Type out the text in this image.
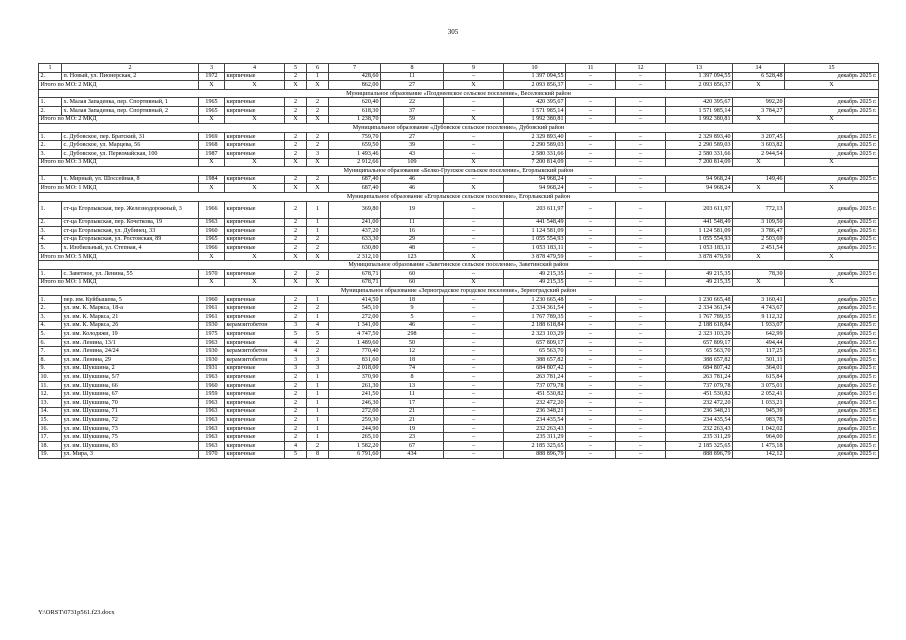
305
1	2	3	4	5	6	7	8	9	10	11	12	13	14	15
2.	п. Новый, ул. Пионерская, 2	1972	кирпичные	2	1	428,60	11	–	1 397 094,55	–	–	1 397 094,55	6 528,48	декабрь 2025 г.
Итого по МО: 2 МКД		X	X	X	X	862,00	27	X	2 093 856,37	–	–	2 093 856,37	X	X
Муниципальное образование «Позднеевское сельское поселение», Веселовский район														
1.	х. Малая Западенка, пер. Спортивный, 1	1965	кирпичные	2	2	620,40	22	–	420 395,67	–	–	420 395,67	992,20	декабрь 2025 г.
2.	х. Малая Западенка, пер. Спортивный, 2	1965	кирпичные	2	2	618,30	37	–	1 571 985,14	–	–	1 571 985,14	3 784,27	декабрь 2025 г.
Итого по МО: 2 МКД		X	X	X	X	1 238,70	59	X	1 992 380,81	–	–	1 992 380,81	X	X
Муниципальное образование «Дубовское сельское поселение», Дубовский район														
1.	с. Дубовское, пер. Братский, 31	1969	кирпичные	2	2	759,70	27	–	2 329 893,40	–	–	2 329 893,40	3 207,45	декабрь 2025 г.
2.	с. Дубовское, ул. Марцева, 56	1968	кирпичные	2	2	659,50	39	–	2 290 589,03	–	–	2 290 589,03	3 603,82	декабрь 2025 г.
3.	с. Дубовское, ул. Первомайская, 100	1987	кирпичные	2	3	1 493,46	43	–	2 580 331,66	–	–	2 580 331,66	2 944,54	декабрь 2025 г.
Итого по МО: 3 МКД		X	X	X	X	2 912,66	109	X	7 200 814,09	–	–	7 200 814,09	X	X
Муниципальное образование «Белко-Грузское сельское поселение», Егорлыкский район														
1.	х. Мирный, ул. Шоссейная, 8	1984	кирпичные	2	2	687,40	46	–	94 968,24	–	–	94 968,24	149,46	декабрь 2025 г.
Итого по МО: 1 МКД		X	X	X	X	687,40	46	X	94 968,24	–	–	94 968,24	X	X
Муниципальное образование «Егорлыкское сельское поселение», Егорлыкский район														
1.	ст-ца Егорлыкская, пер. Железнодорожный, 3	1966	кирпичные	2	1	369,80	19	–	203 611,97	–	–	203 611,97	772,13	декабрь 2025 г.
2.	ст-ца Егорлыкская, пер. Кочеткова, 19	1963	кирпичные	2	1	241,00	11	–	441 548,49	–	–	441 548,49	3 109,50	декабрь 2025 г.
3.	ст-ца Егорлыкская, ул. Дубинец, 33	1960	кирпичные	2	1	437,20	16	–	1 124 581,09	–	–	1 124 581,09	3 786,47	декабрь 2025 г.
4.	ст-ца Егорлыкская, ул. Ростовская, 89	1965	кирпичные	2	2	633,30	29	–	1 055 554,93	–	–	1 055 554,93	2 503,69	декабрь 2025 г.
5.	х. Изобильный, ул. Степная, 4	1966	кирпичные	2	2	630,80	48	–	1 053 183,11	–	–	1 053 183,11	2 451,54	декабрь 2025 г.
Итого по МО: 5 МКД		X	X	X	X	2 312,10	123	X	3 878 479,59	–	–	3 878 479,59	X	X
Муниципальное образование «Заветинское сельское поселение», Заветинский район														
1.	с. Заветное, ул. Ленина, 55	1970	кирпичные	2	2	678,71	60	–	49 215,35	–	–	49 215,35	78,30	декабрь 2025 г.
Итого по МО: 1 МКД		X	X	X	X	678,71	60	X	49 215,35	–	–	49 215,35	X	X
Муниципальное образование «Зерноградское городское поселение», Зерноградский район														
1.	пер. им. Куйбышева, 5	1960	кирпичные	2	1	414,50	18	–	1 230 665,48	–	–	1 230 665,48	3 160,41	декабрь 2025 г.
2.	ул. им. К. Маркса, 18-а	1961	кирпичные	2	2	545,10	9	–	2 334 361,54	–	–	2 334 361,54	4 743,67	декабрь 2025 г.
3.	ул. им. К. Маркса, 21	1961	кирпичные	2	1	272,00	5	–	1 767 789,35	–	–	1 767 789,35	9 112,32	декабрь 2025 г.
4.	ул. им. К. Маркса, 26	1930	керамзитобетон	3	4	1 341,00	46	–	2 188 618,84	–	–	2 188 618,84	1 933,07	декабрь 2025 г.
5.	ул. им. Колодяжн, 19	1975	кирпичные	5	5	4 747,50	298	–	2 323 103,29	–	–	2 323 103,29	642,99	декабрь 2025 г.
6.	ул. им. Ленина, 13/1	1963	кирпичные	4	2	1 489,60	50	–	657 809,17	–	–	657 809,17	494,44	декабрь 2025 г.
7.	ул. им. Ленина, 24/24	1930	керамзитобетон	4	2	770,40	12	–	65 563,70	–	–	65 563,70	117,25	декабрь 2025 г.
8.	ул. им. Ленина, 29	1930	керамзитобетон	3	3	831,60	18	–	388 657,82	–	–	388 657,82	501,11	декабрь 2025 г.
9.	ул. им. Шукшина, 2	1931	кирпичные	3	3	2 018,00	74	–	684 807,42	–	–	684 807,42	364,01	декабрь 2025 г.
10.	ул. им. Шукшина, 5/7	1963	кирпичные	2	1	370,90	8	–	263 781,24	–	–	263 781,24	615,84	декабрь 2025 г.
11.	ул. им. Шукшина, 66	1960	кирпичные	2	1	261,30	13	–	737 079,78	–	–	737 079,78	3 075,01	декабрь 2025 г.
12.	ул. им. Шукшина, 67	1959	кирпичные	2	1	241,50	11	–	451 530,82	–	–	451 530,82	2 052,41	декабрь 2025 г.
13.	ул. им. Шукшина, 70	1963	кирпичные	2	1	246,30	17	–	232 472,20	–	–	232 472,20	1 033,21	декабрь 2025 г.
14.	ул. им. Шукшина, 71	1963	кирпичные	2	1	272,00	21	–	236 348,21	–	–	236 348,21	945,39	декабрь 2025 г.
15.	ул. им. Шукшина, 72	1963	кирпичные	2	1	259,30	21	–	234 435,54	–	–	234 435,54	983,78	декабрь 2025 г.
16.	ул. им. Шукшина, 73	1963	кирпичные	2	1	244,90	19	–	232 263,43	–	–	232 263,43	1 042,02	декабрь 2025 г.
17.	ул. им. Шукшина, 75	1963	кирпичные	2	1	265,10	23	–	235 311,29	–	–	235 311,29	964,00	декабрь 2025 г.
18.	ул. им. Шукшина, 83	1963	кирпичные	4	2	1 582,20	67	–	2 185 325,65	–	–	2 185 325,65	1 475,18	декабрь 2025 г.
19.	ул. Мира, 3	1970	кирпичные	5	8	6 791,60	434	–	888 896,79	–	–	888 896,79	142,12	декабрь 2025 г.
Y:\ORST\0731p561.f23.docx
